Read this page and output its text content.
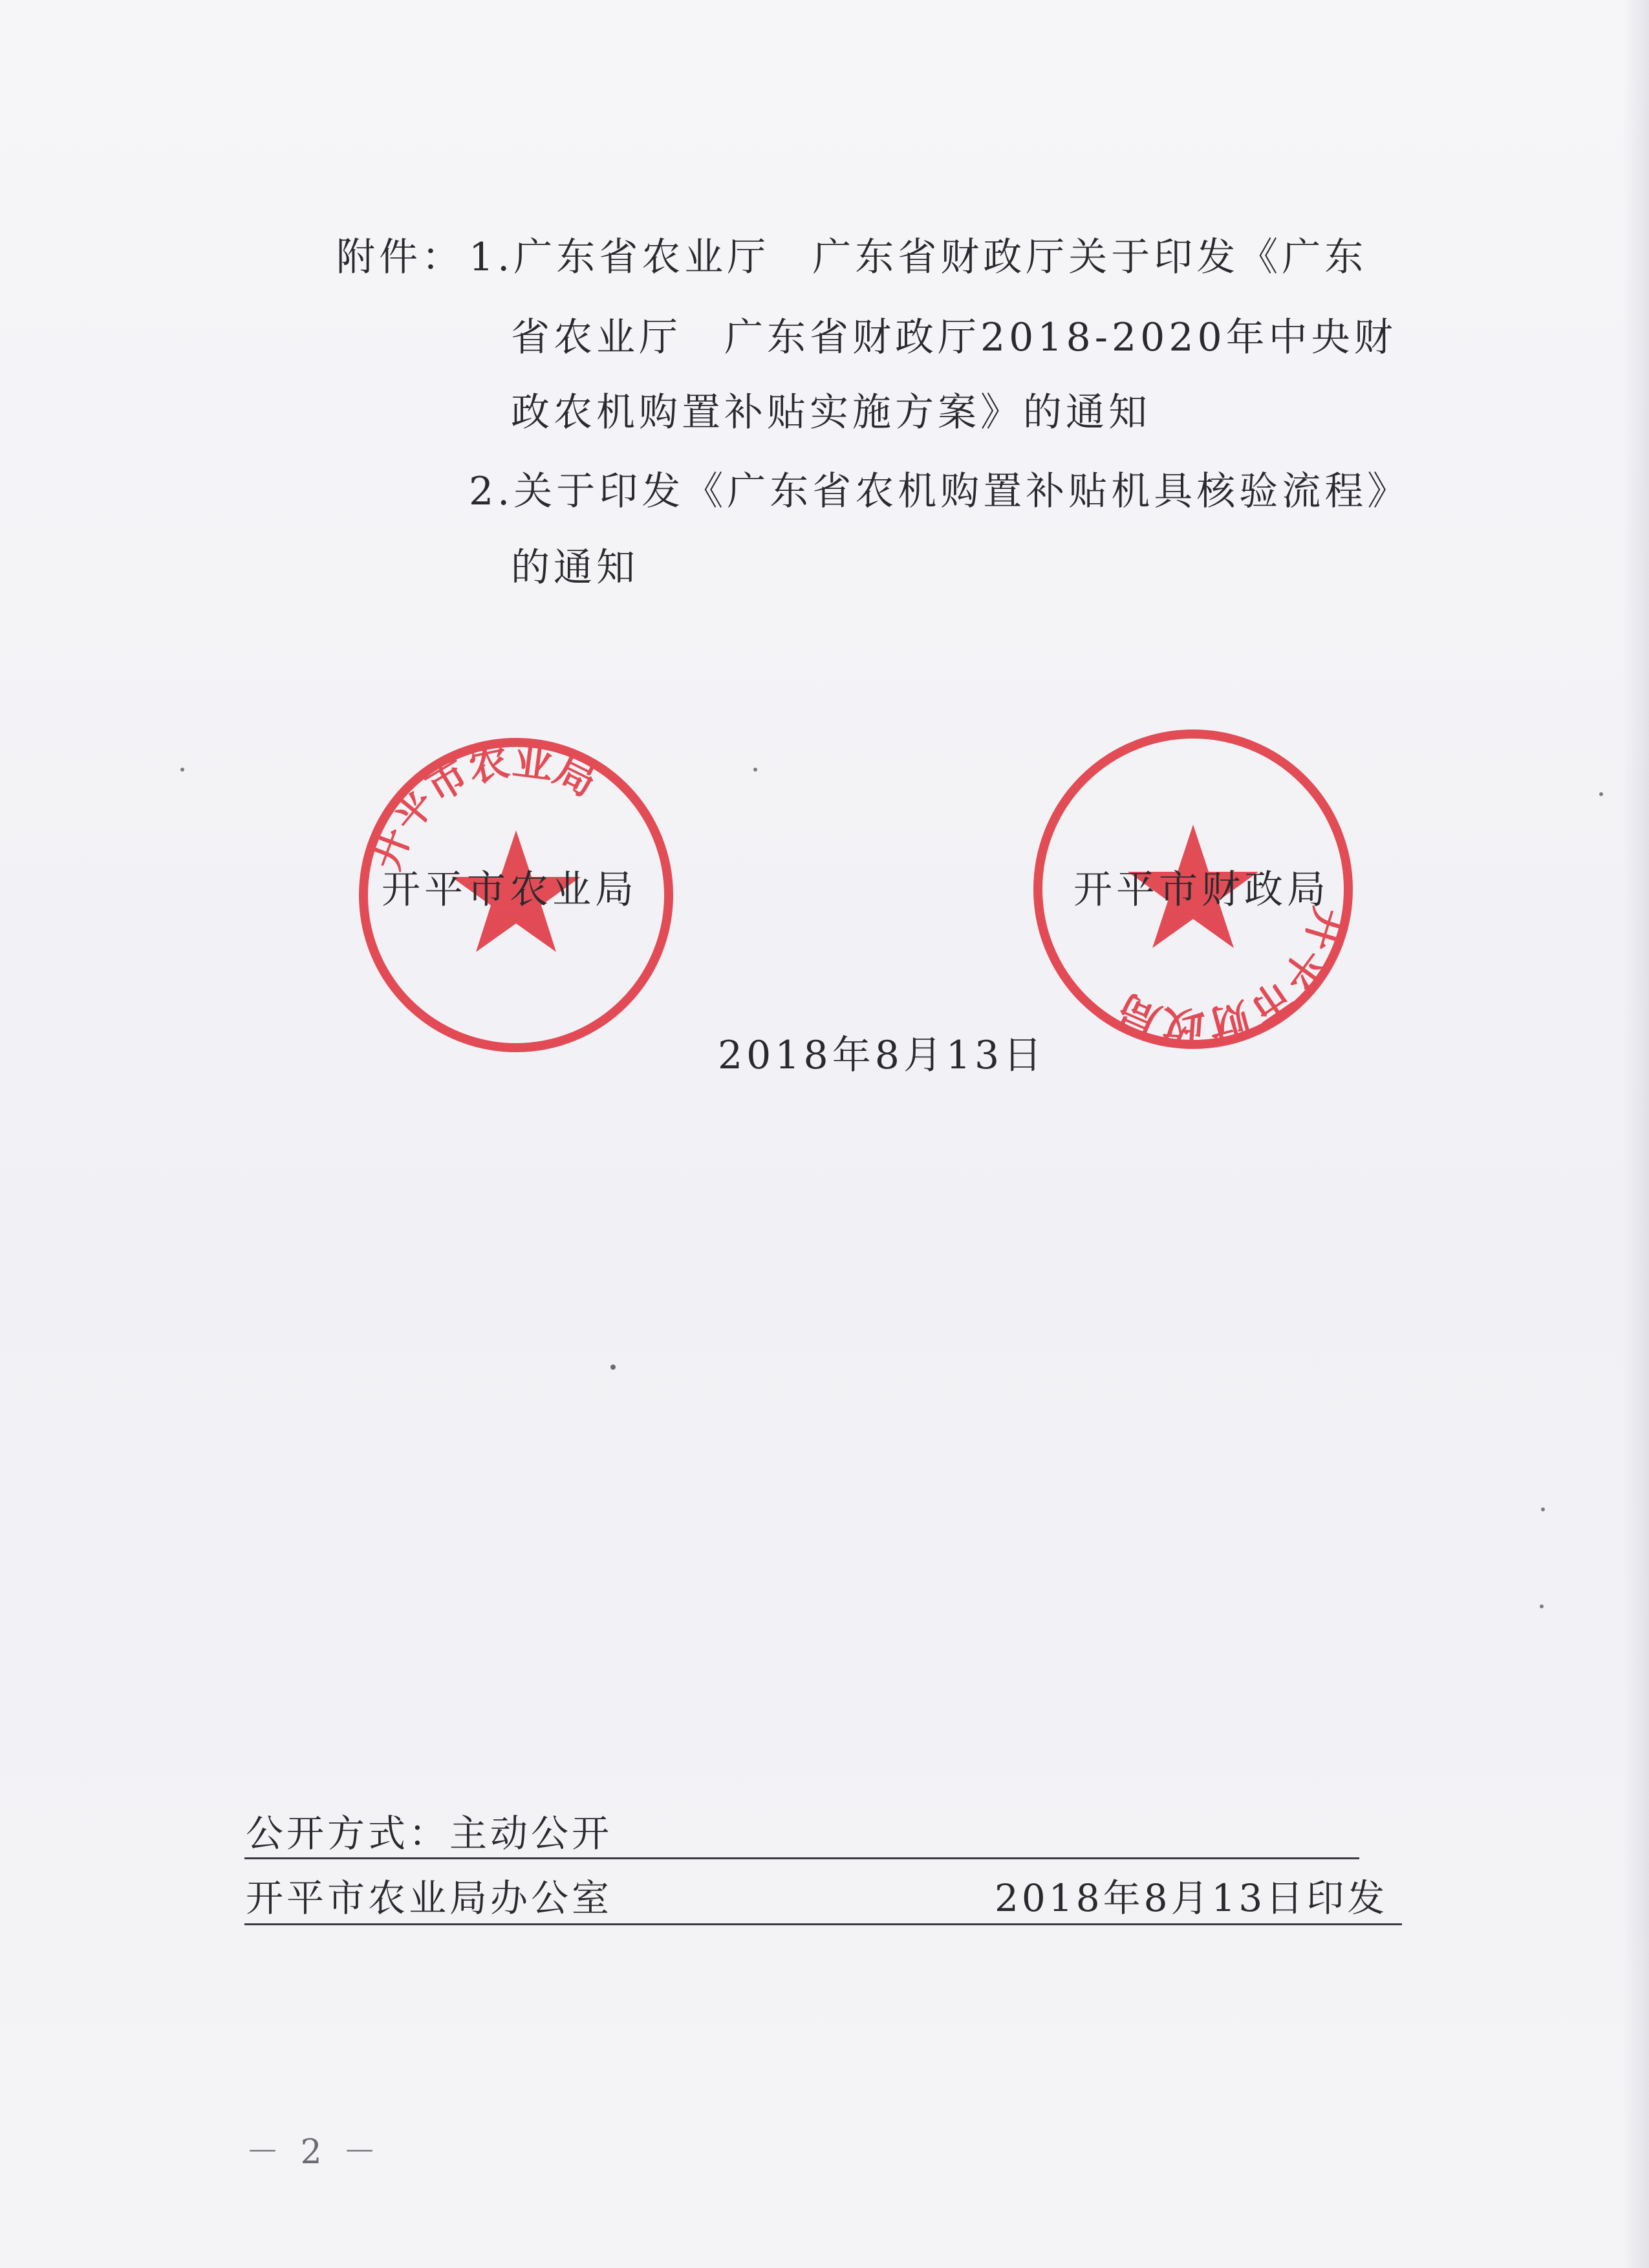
附件： 1.广东省农业厅　广东省财政厅关于印发《广东
省农业厅　广东省财政厅2018-2020年中央财
政农机购置补贴实施方案》的通知
2.关于印发《广东省农机购置补贴机具核验流程》
的通知
开平市农业局
开平市财政局
开平市农业局	开平市财政局
2018年8月13日
公开方式：主动公开
开平市农业局办公室	2018年8月13日印发
－ 2 －
